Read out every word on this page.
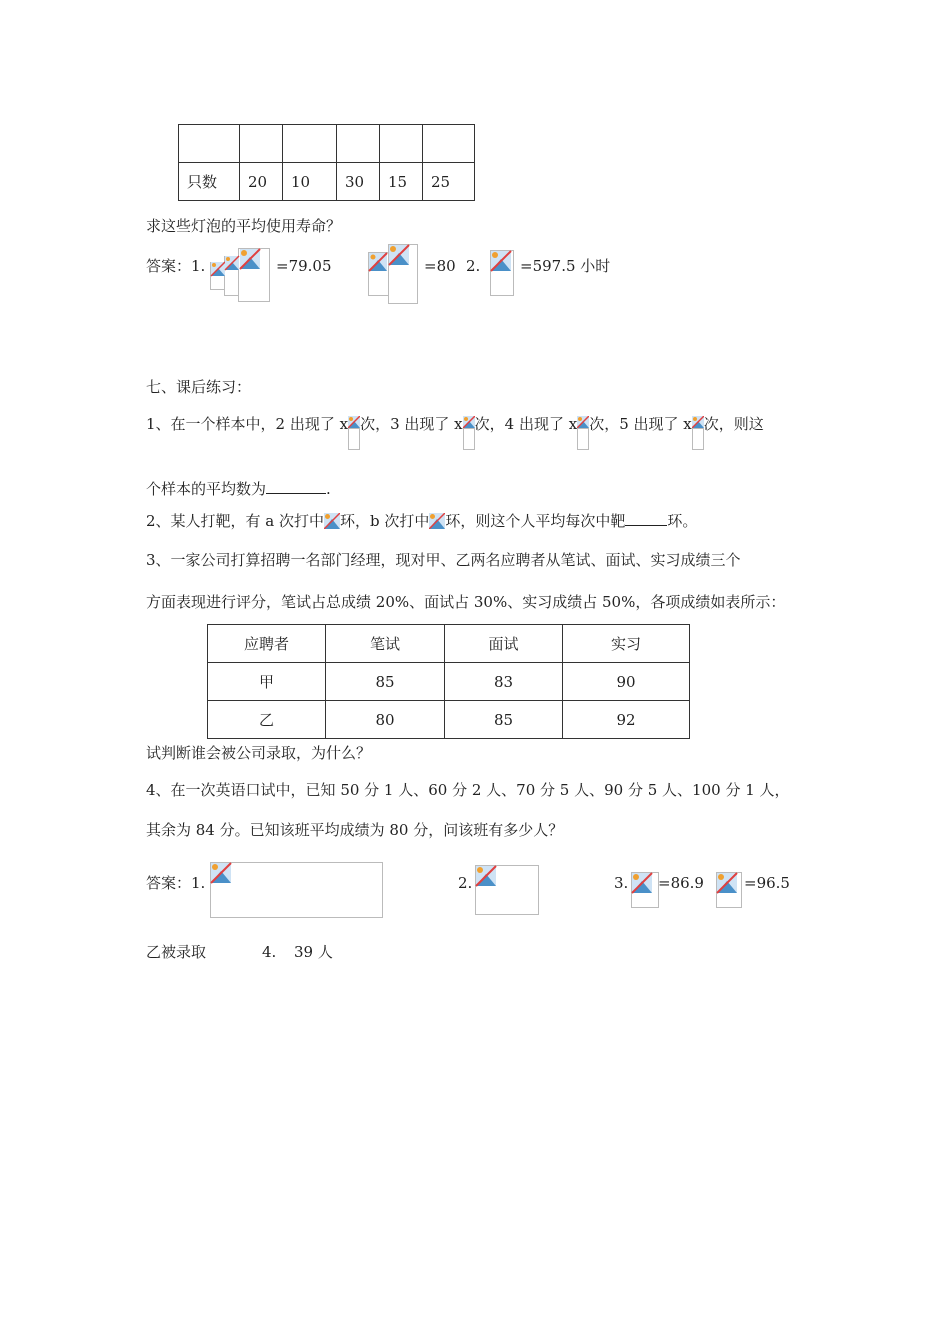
只数	20	10	30	15	25
求这些灯泡的平均使用寿命？
答案：1.	=79.05	=80 2.	=597.5 小时
七、课后练习：
1、在一个样本中，2 出现了 x 次，3 出现了 x 次，4 出现了 x 次，5 出现了 x 次，则这
个样本的平均数为	.
2、某人打靶，有 a 次打中 环，b 次打中 环，则这个人平均每次中靶	环。
3、一家公司打算招聘一名部门经理，现对甲、乙两名应聘者从笔试、面试、实习成绩三个
方面表现进行评分，笔试占总成绩 20%、面试占 30%、实习成绩占 50%，各项成绩如表所示：
应聘者	笔试	面试	实习
甲	85	83	90
乙	80	85	92
试判断谁会被公司录取，为什么？
4、在一次英语口试中，已知 50 分 1 人、60 分 2 人、70 分 5 人、90 分 5 人、100 分 1 人，
其余为 84 分。已知该班平均成绩为 80 分，问该班有多少人？
答案：1.	2.	3. =86.9	=96.5
乙被录取	4. 39 人
